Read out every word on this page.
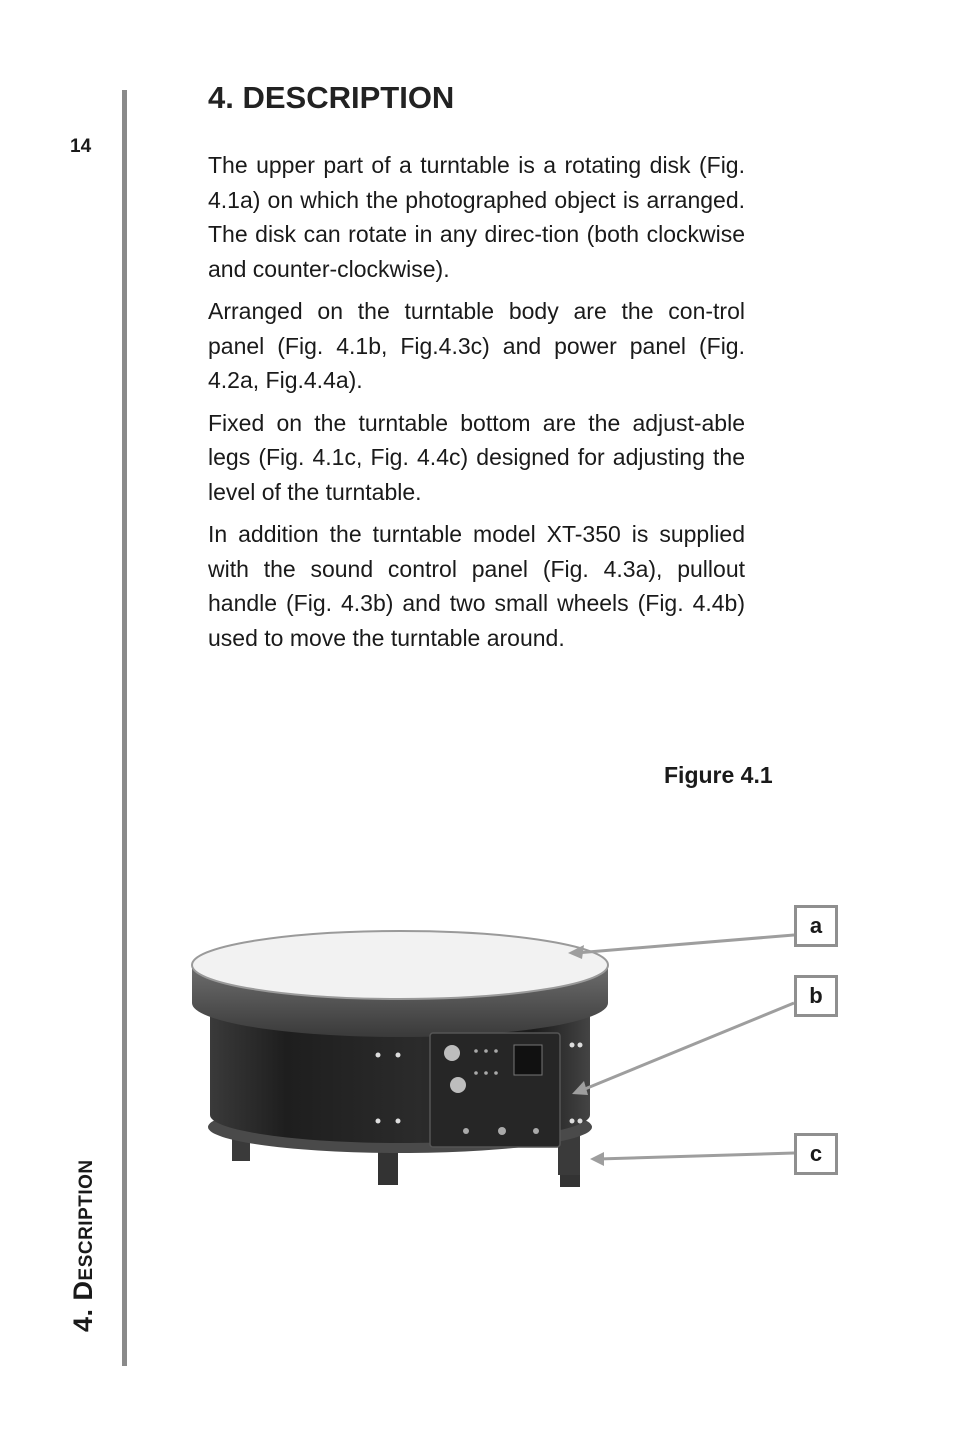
14
4. Description
4. DESCRIPTION

The upper part of a turntable is a rotating disk (Fig. 4.1a) on which the photographed object is arranged. The disk can rotate in any direc-tion (both clockwise and counter-clockwise).

Arranged on the turntable body are the con-trol panel (Fig. 4.1b, Fig.4.3c) and power panel (Fig. 4.2a, Fig.4.4a).

Fixed on the turntable bottom are the adjust-able legs (Fig. 4.1c, Fig. 4.4c) designed for adjusting the level of the turntable.

In addition the turntable model XT-350 is supplied with the sound control panel (Fig. 4.3a), pullout handle (Fig. 4.3b) and two small wheels (Fig. 4.4b) used to move the turntable around.

Figure 4.1
a
b
c
